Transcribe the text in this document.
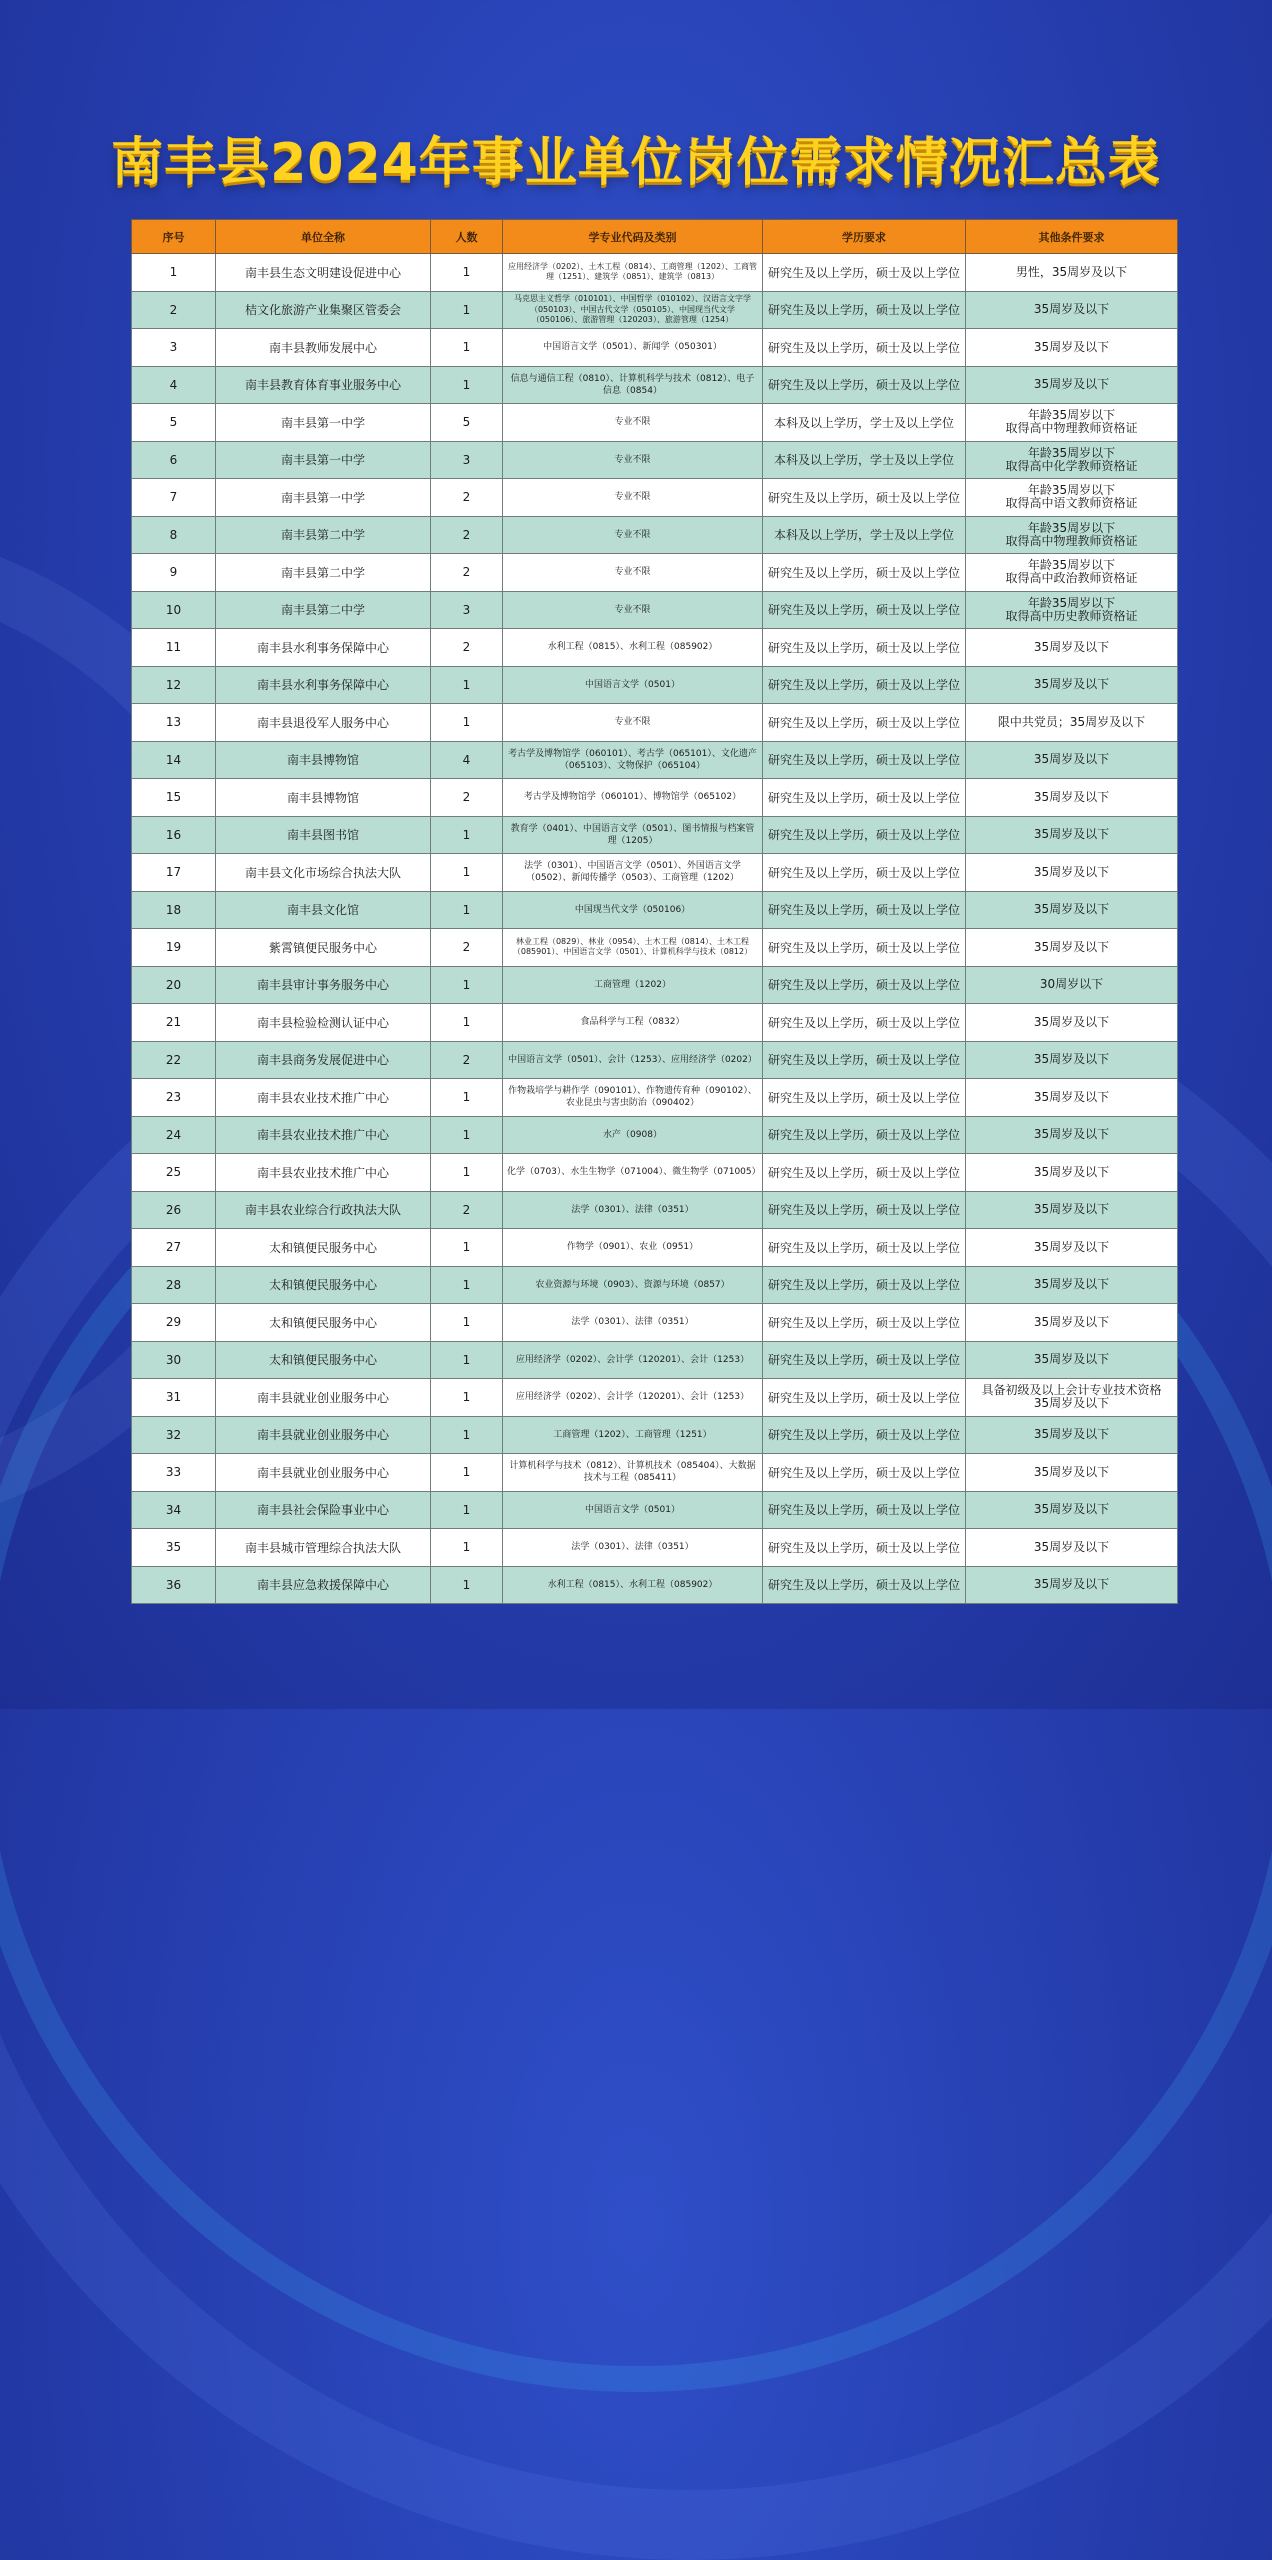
南丰县2024年事业单位岗位需求情况汇总表
序号	单位全称	人数	学专业代码及类别	学历要求	其他条件要求
1	南丰县生态文明建设促进中心	1	应用经济学（0202）、土木工程（0814）、工商管理（1202）、工商管理（1251）、建筑学（0851）、建筑学（0813）	研究生及以上学历，硕士及以上学位	男性，35周岁及以下
2	桔文化旅游产业集聚区管委会	1	马克思主义哲学（010101）、中国哲学（010102）、汉语言文字学（050103）、中国古代文学（050105）、中国现当代文学（050106）、旅游管理（120203）、旅游管理（1254）	研究生及以上学历，硕士及以上学位	35周岁及以下
3	南丰县教师发展中心	1	中国语言文学（0501）、新闻学（050301）	研究生及以上学历，硕士及以上学位	35周岁及以下
4	南丰县教育体育事业服务中心	1	信息与通信工程（0810）、计算机科学与技术（0812）、电子信息（0854）	研究生及以上学历，硕士及以上学位	35周岁及以下
5	南丰县第一中学	5	专业不限	本科及以上学历，学士及以上学位	年龄35周岁以下
取得高中物理教师资格证
6	南丰县第一中学	3	专业不限	本科及以上学历，学士及以上学位	年龄35周岁以下
取得高中化学教师资格证
7	南丰县第一中学	2	专业不限	研究生及以上学历，硕士及以上学位	年龄35周岁以下
取得高中语文教师资格证
8	南丰县第二中学	2	专业不限	本科及以上学历，学士及以上学位	年龄35周岁以下
取得高中物理教师资格证
9	南丰县第二中学	2	专业不限	研究生及以上学历，硕士及以上学位	年龄35周岁以下
取得高中政治教师资格证
10	南丰县第二中学	3	专业不限	研究生及以上学历，硕士及以上学位	年龄35周岁以下
取得高中历史教师资格证
11	南丰县水利事务保障中心	2	水利工程（0815）、水利工程（085902）	研究生及以上学历，硕士及以上学位	35周岁及以下
12	南丰县水利事务保障中心	1	中国语言文学（0501）	研究生及以上学历，硕士及以上学位	35周岁及以下
13	南丰县退役军人服务中心	1	专业不限	研究生及以上学历，硕士及以上学位	限中共党员；35周岁及以下
14	南丰县博物馆	4	考古学及博物馆学（060101）、考古学（065101）、文化遗产（065103）、文物保护（065104）	研究生及以上学历，硕士及以上学位	35周岁及以下
15	南丰县博物馆	2	考古学及博物馆学（060101）、博物馆学（065102）	研究生及以上学历，硕士及以上学位	35周岁及以下
16	南丰县图书馆	1	教育学（0401）、中国语言文学（0501）、图书情报与档案管理（1205）	研究生及以上学历，硕士及以上学位	35周岁及以下
17	南丰县文化市场综合执法大队	1	法学（0301）、中国语言文学（0501）、外国语言文学（0502）、新闻传播学（0503）、工商管理（1202）	研究生及以上学历，硕士及以上学位	35周岁及以下
18	南丰县文化馆	1	中国现当代文学（050106）	研究生及以上学历，硕士及以上学位	35周岁及以下
19	紫霄镇便民服务中心	2	林业工程（0829）、林业（0954）、土木工程（0814）、土木工程（085901）、中国语言文学（0501）、计算机科学与技术（0812）	研究生及以上学历，硕士及以上学位	35周岁及以下
20	南丰县审计事务服务中心	1	工商管理（1202）	研究生及以上学历，硕士及以上学位	30周岁以下
21	南丰县检验检测认证中心	1	食品科学与工程（0832）	研究生及以上学历，硕士及以上学位	35周岁及以下
22	南丰县商务发展促进中心	2	中国语言文学（0501）、会计（1253）、应用经济学（0202）	研究生及以上学历，硕士及以上学位	35周岁及以下
23	南丰县农业技术推广中心	1	作物栽培学与耕作学（090101）、作物遗传育种（090102）、农业昆虫与害虫防治（090402）	研究生及以上学历，硕士及以上学位	35周岁及以下
24	南丰县农业技术推广中心	1	水产（0908）	研究生及以上学历，硕士及以上学位	35周岁及以下
25	南丰县农业技术推广中心	1	化学（0703）、水生生物学（071004）、微生物学（071005）	研究生及以上学历，硕士及以上学位	35周岁及以下
26	南丰县农业综合行政执法大队	2	法学（0301）、法律（0351）	研究生及以上学历，硕士及以上学位	35周岁及以下
27	太和镇便民服务中心	1	作物学（0901）、农业（0951）	研究生及以上学历，硕士及以上学位	35周岁及以下
28	太和镇便民服务中心	1	农业资源与环境（0903）、资源与环境（0857）	研究生及以上学历，硕士及以上学位	35周岁及以下
29	太和镇便民服务中心	1	法学（0301）、法律（0351）	研究生及以上学历，硕士及以上学位	35周岁及以下
30	太和镇便民服务中心	1	应用经济学（0202）、会计学（120201）、会计（1253）	研究生及以上学历，硕士及以上学位	35周岁及以下
31	南丰县就业创业服务中心	1	应用经济学（0202）、会计学（120201）、会计（1253）	研究生及以上学历，硕士及以上学位	具备初级及以上会计专业技术资格
35周岁及以下
32	南丰县就业创业服务中心	1	工商管理（1202）、工商管理（1251）	研究生及以上学历，硕士及以上学位	35周岁及以下
33	南丰县就业创业服务中心	1	计算机科学与技术（0812）、计算机技术（085404）、大数据技术与工程（085411）	研究生及以上学历，硕士及以上学位	35周岁及以下
34	南丰县社会保险事业中心	1	中国语言文学（0501）	研究生及以上学历，硕士及以上学位	35周岁及以下
35	南丰县城市管理综合执法大队	1	法学（0301）、法律（0351）	研究生及以上学历，硕士及以上学位	35周岁及以下
36	南丰县应急救援保障中心	1	水利工程（0815）、水利工程（085902）	研究生及以上学历，硕士及以上学位	35周岁及以下
